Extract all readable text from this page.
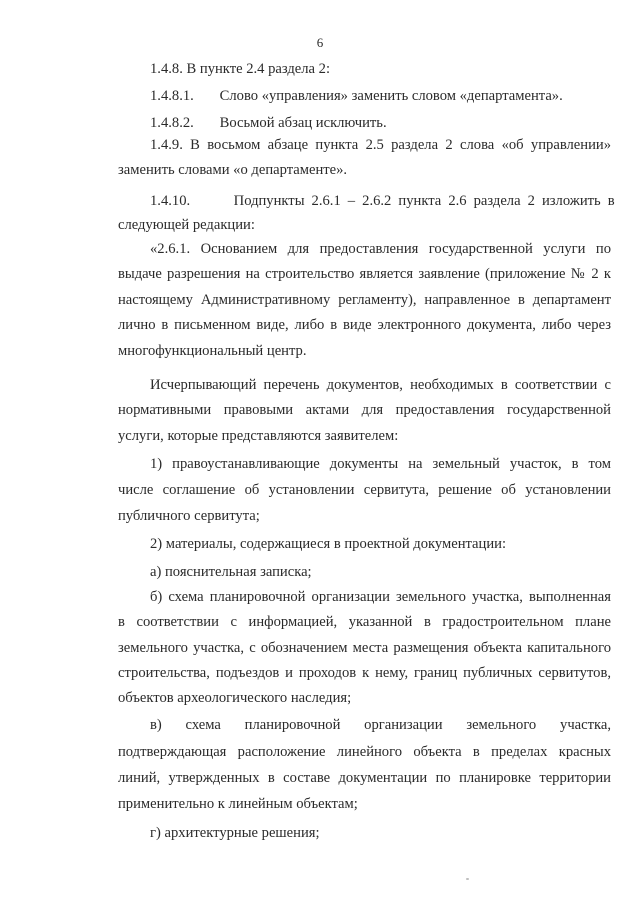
6
1.4.8. В пункте 2.4 раздела 2:
1.4.8.1. Слово «управления» заменить словом «департамента».
1.4.8.2. Восьмой абзац исключить.
1.4.9. В восьмом абзаце пункта 2.5 раздела 2 слова «об управлении»
заменить словами «о департаменте».
1.4.10.	Подпункты 2.6.1 – 2.6.2 пункта 2.6 раздела 2 изложить в
следующей редакции:
«2.6.1. Основанием для предоставления государственной услуги по
выдаче разрешения на строительство является заявление (приложение № 2 к
настоящему Административному регламенту), направленное в департамент
лично в письменном виде, либо в виде электронного документа, либо через
многофункциональный центр.
Исчерпывающий перечень документов, необходимых в соответствии с
нормативными правовыми актами для предоставления государственной
услуги, которые представляются заявителем:
1) правоустанавливающие документы на земельный участок, в том
числе соглашение об установлении сервитута, решение об установлении
публичного сервитута;
2) материалы, содержащиеся в проектной документации:
а) пояснительная записка;
б) схема планировочной организации земельного участка, выполненная
в соответствии с информацией, указанной в градостроительном плане
земельного участка, с обозначением места размещения объекта капитального
строительства, подъездов и проходов к нему, границ публичных сервитутов,
объектов археологического наследия;
в) схема планировочной организации земельного участка,
подтверждающая расположение линейного объекта в пределах красных
линий, утвержденных в составе документации по планировке территории
применительно к линейным объектам;
г) архитектурные решения;
